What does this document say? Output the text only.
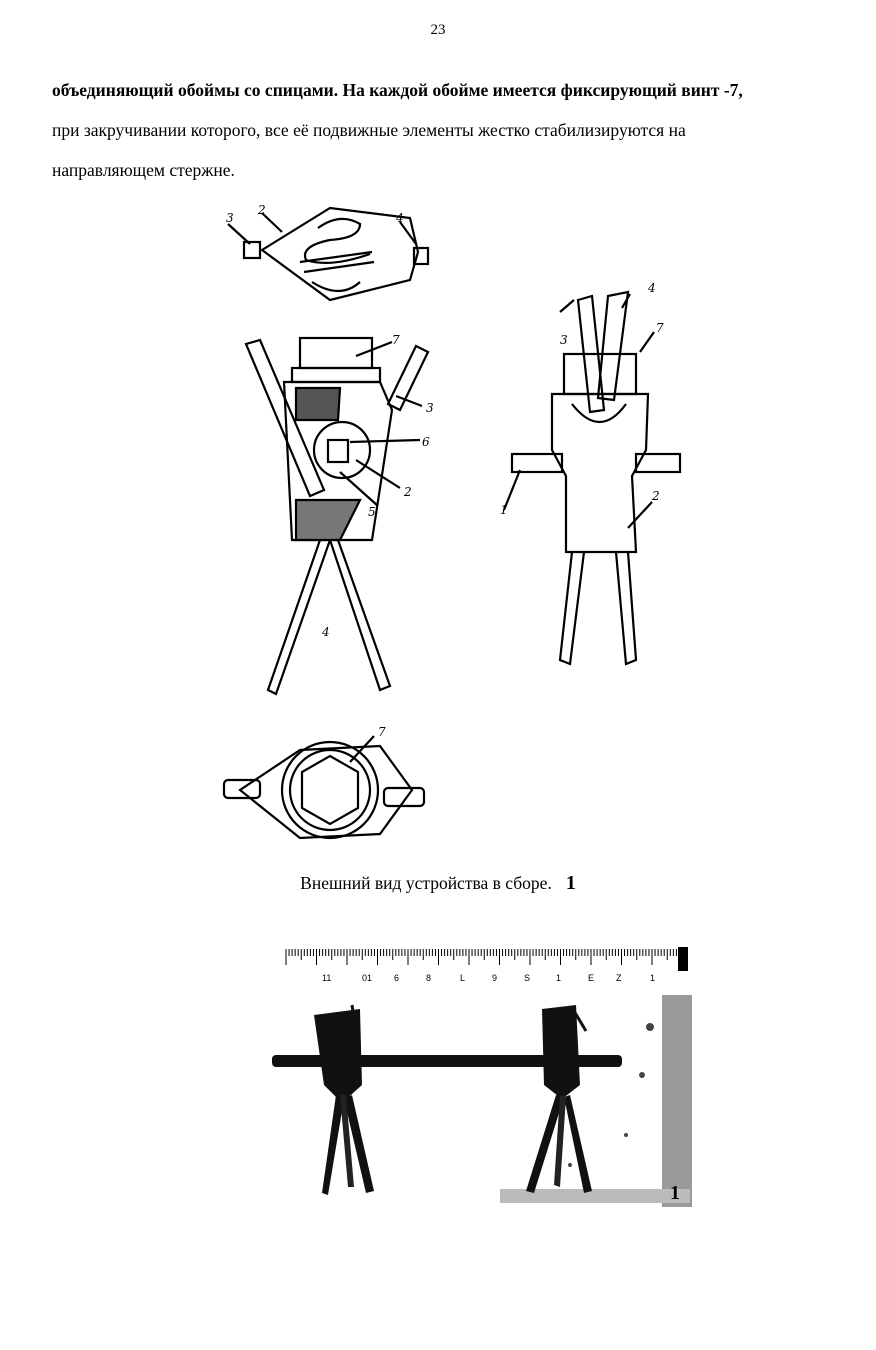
23
объединяющий обоймы со спицами. На каждой обойме имеется фиксирующий винт -7,
при закручивании которого, все её подвижные элементы жестко стабилизируются на
направляющем стержне.
3
2
4
7
3
6
2
5
4
3
4
7
1
2
7
Внешний вид устройства в сборе. 1
11	01 6	8	L	9	S	1	E Z	1
1
